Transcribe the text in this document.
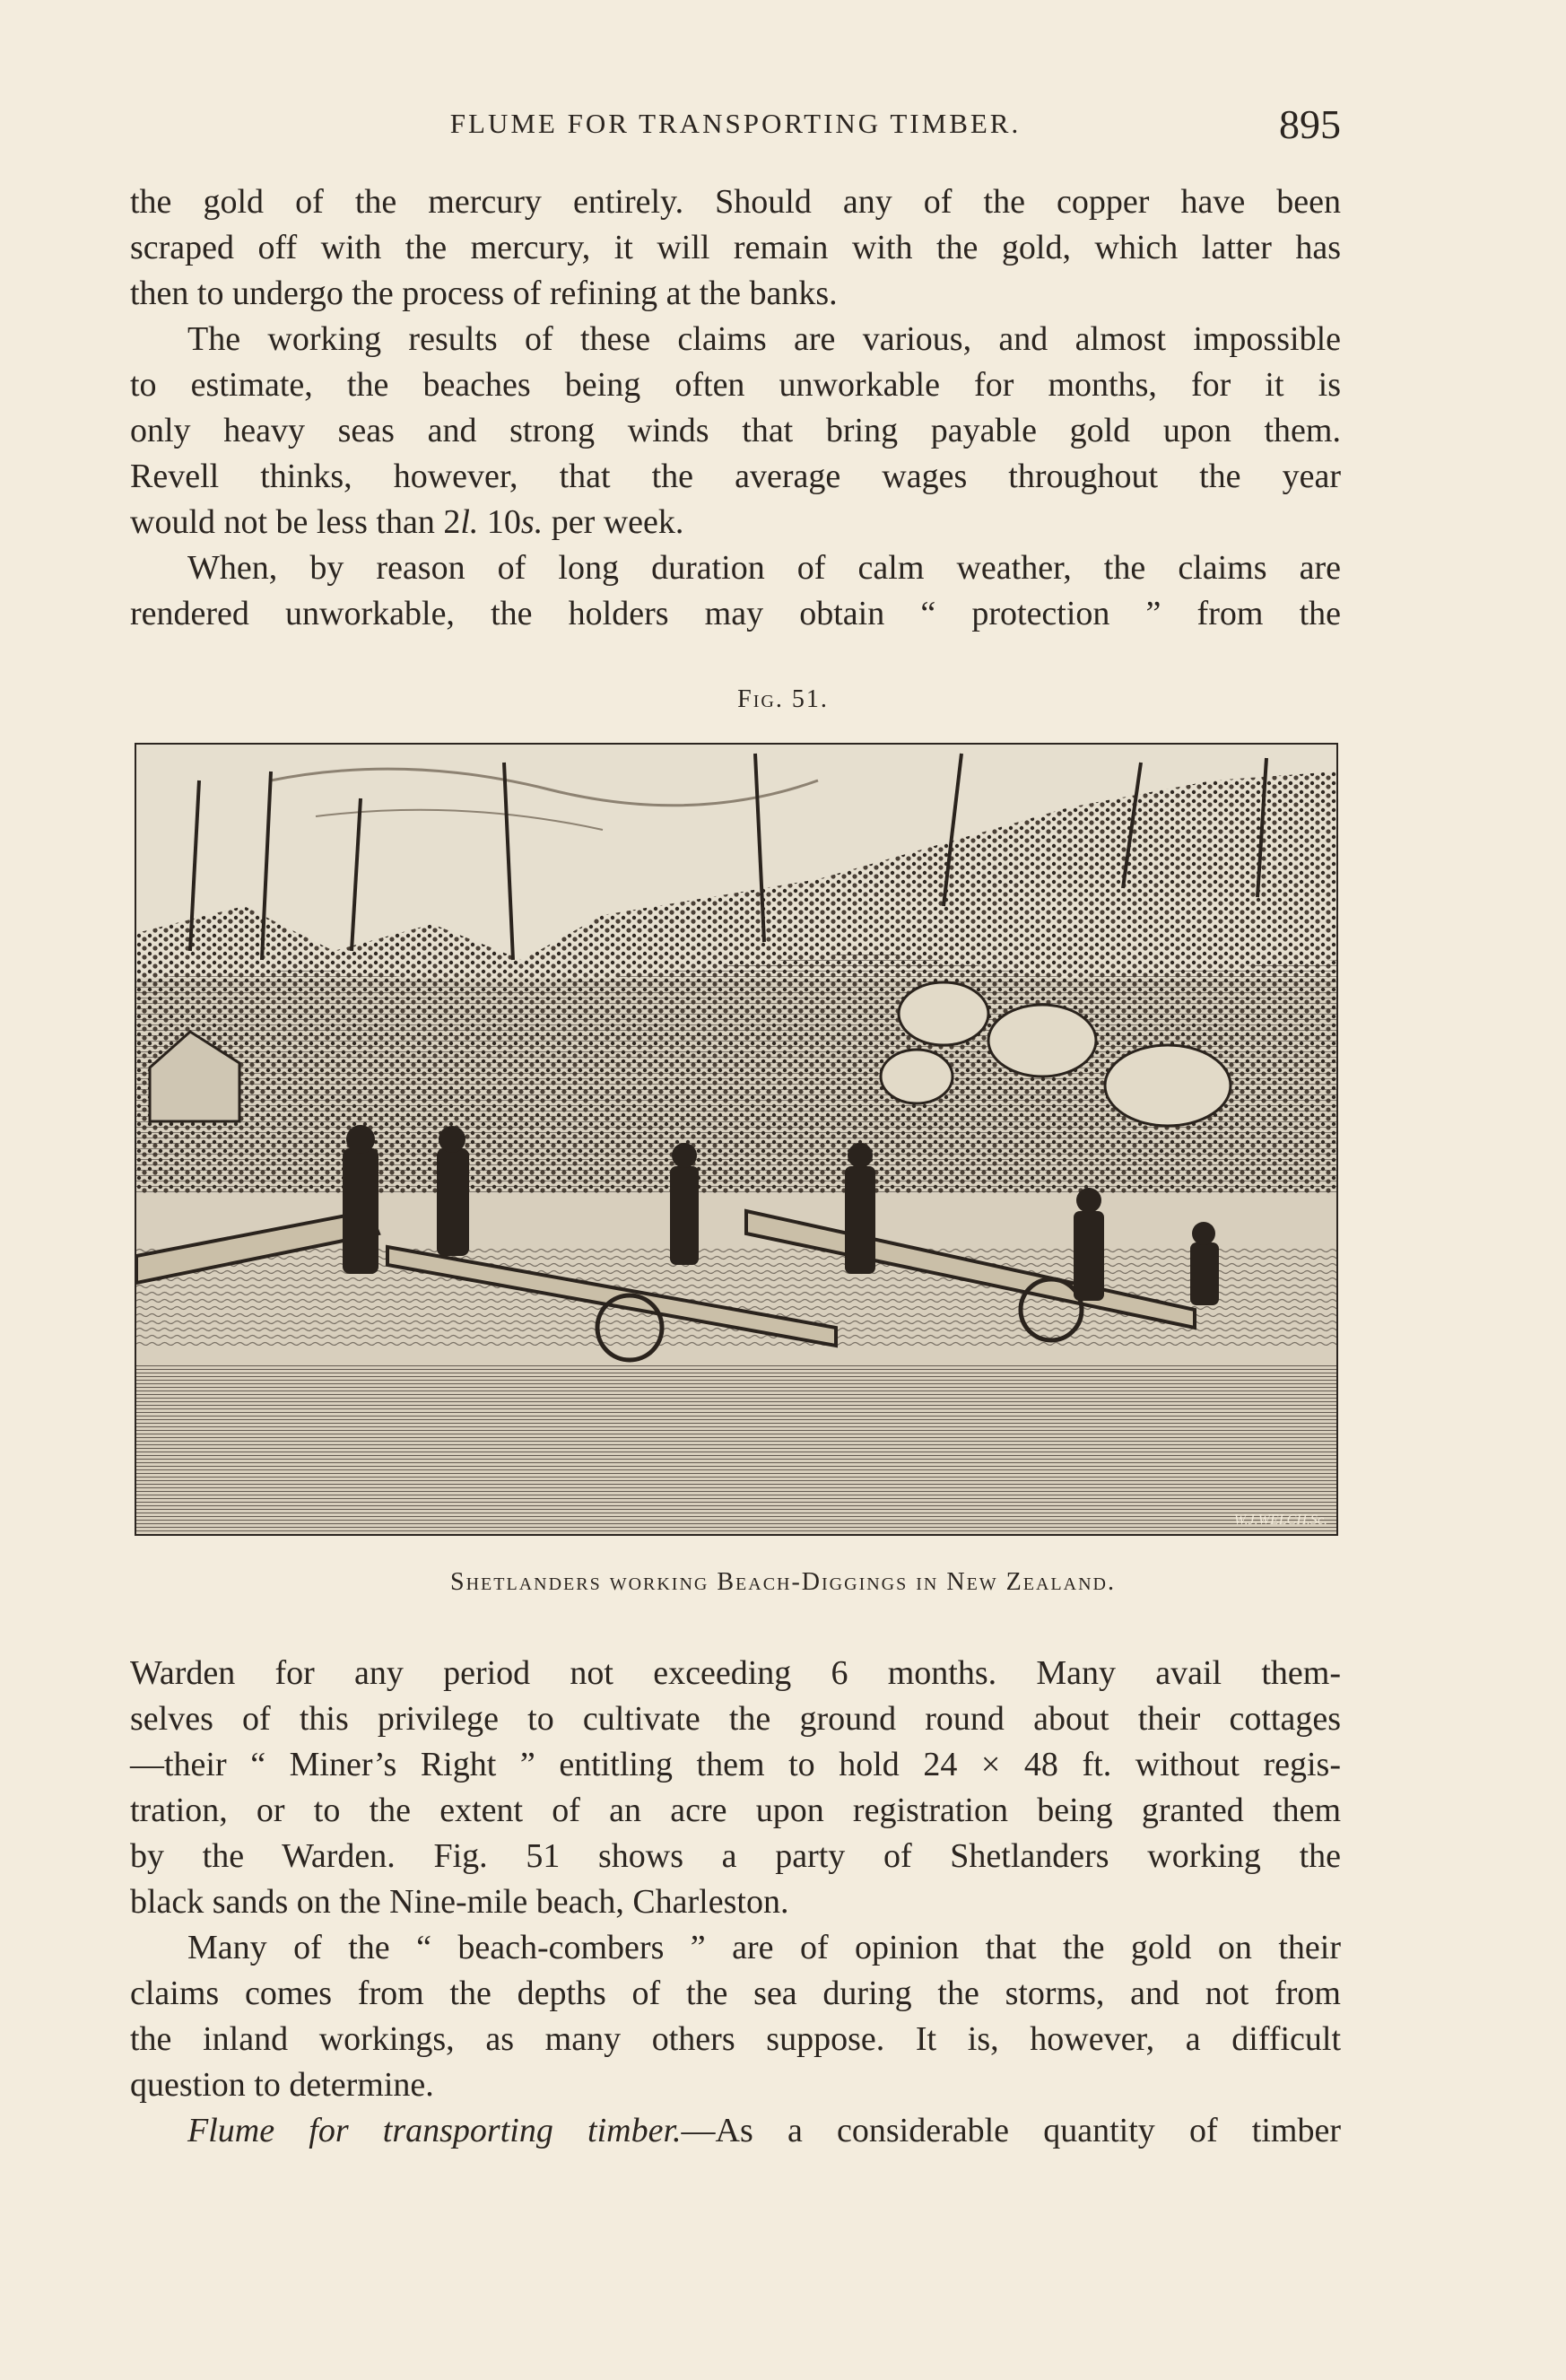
FLUME FOR TRANSPORTING TIMBER.	895

the gold of the mercury entirely. Should any of the copper have been

scraped off with the mercury, it will remain with the gold, which latter has

then to undergo the process of refining at the banks.

The working results of these claims are various, and almost impossible

to estimate, the beaches being often unworkable for months, for it is

only heavy seas and strong winds that bring payable gold upon them.

Revell thinks, however, that the average wages throughout the year

would not be less than 2l. 10s. per week.

When, by reason of long duration of calm weather, the claims are

rendered unworkable, the holders may obtain “ protection ” from the

Fig. 51.
W.J.WELCH.Sc.
Shetlanders working Beach-Diggings in New Zealand.

Warden for any period not exceeding 6 months. Many avail them-

selves of this privilege to cultivate the ground round about their cottages

—their “ Miner’s Right ” entitling them to hold 24 × 48 ft. without regis-

tration, or to the extent of an acre upon registration being granted them

by the Warden. Fig. 51 shows a party of Shetlanders working the

black sands on the Nine-mile beach, Charleston.

Many of the “ beach-combers ” are of opinion that the gold on their

claims comes from the depths of the sea during the storms, and not from

the inland workings, as many others suppose. It is, however, a difficult

question to determine.

Flume for transporting timber.—As a considerable quantity of timber
